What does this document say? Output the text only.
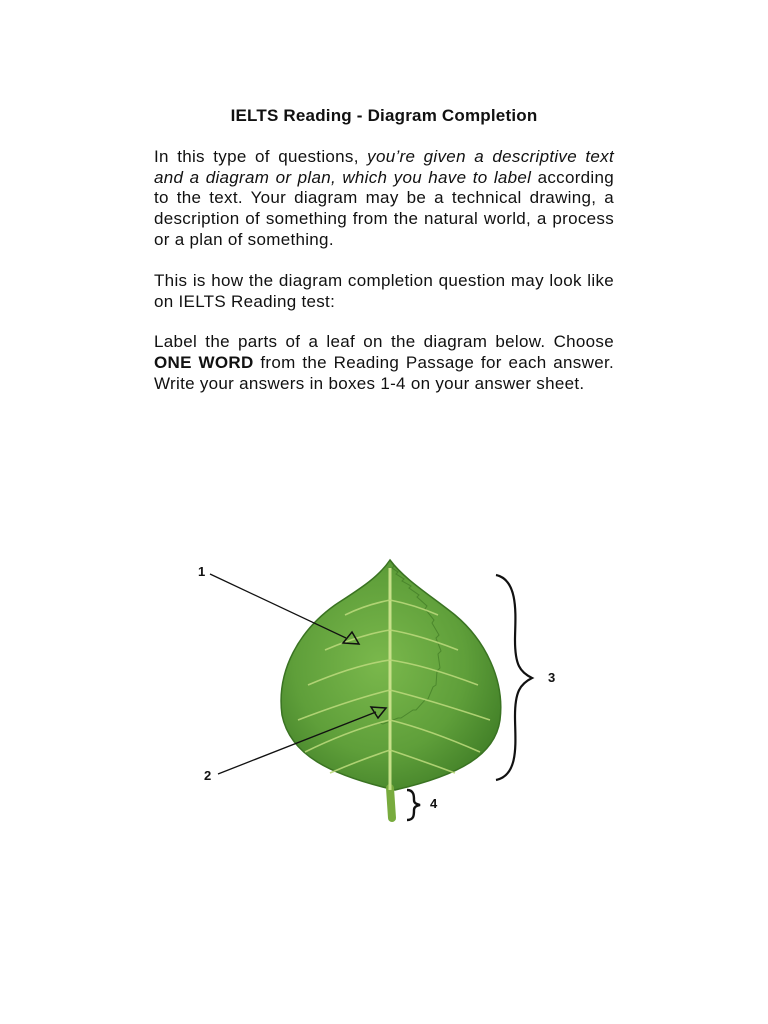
IELTS Reading - Diagram Completion

In this type of questions, you’re given a descriptive text and a diagram or plan, which you have to label according to the text. Your diagram may be a technical drawing, a description of something from the natural world, a process or a plan of something.

This is how the diagram completion question may look like on IELTS Reading test:

Label the parts of a leaf on the diagram below. Choose ONE WORD from the Reading Passage for each answer. Write your answers in boxes 1-4 on your answer sheet.

1
2
3
4
